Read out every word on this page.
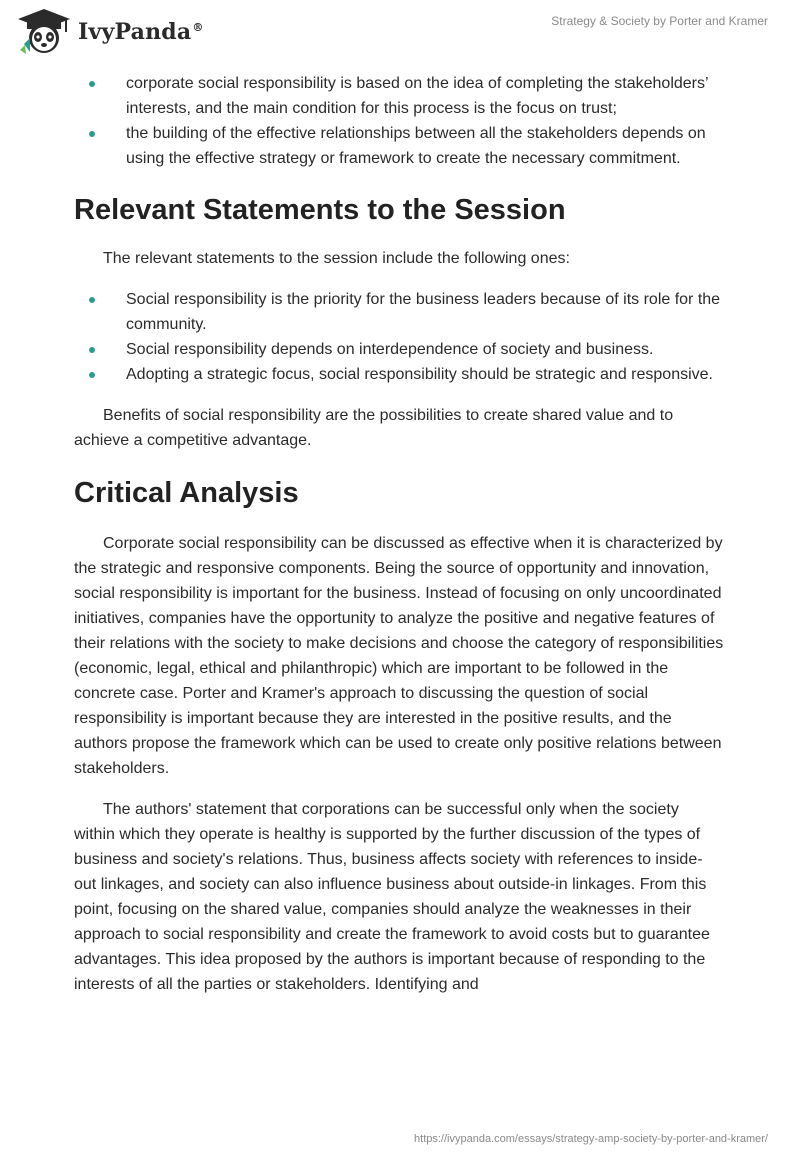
IvyPanda®	Strategy & Society by Porter and Kramer
corporate social responsibility is based on the idea of completing the stakeholders’ interests, and the main condition for this process is the focus on trust;
the building of the effective relationships between all the stakeholders depends on using the effective strategy or framework to create the necessary commitment.
Relevant Statements to the Session

The relevant statements to the session include the following ones:

Social responsibility is the priority for the business leaders because of its role for the community.
Social responsibility depends on interdependence of society and business.
Adopting a strategic focus, social responsibility should be strategic and responsive.

Benefits of social responsibility are the possibilities to create shared value and to achieve a competitive advantage.

Critical Analysis

Corporate social responsibility can be discussed as effective when it is characterized by the strategic and responsive components. Being the source of opportunity and innovation, social responsibility is important for the business. Instead of focusing on only uncoordinated initiatives, companies have the opportunity to analyze the positive and negative features of their relations with the society to make decisions and choose the category of responsibilities (economic, legal, ethical and philanthropic) which are important to be followed in the concrete case. Porter and Kramer's approach to discussing the question of social responsibility is important because they are interested in the positive results, and the authors propose the framework which can be used to create only positive relations between stakeholders.

The authors' statement that corporations can be successful only when the society within which they operate is healthy is supported by the further discussion of the types of business and society's relations. Thus, business affects society with references to inside-out linkages, and society can also influence business about outside-in linkages. From this point, focusing on the shared value, companies should analyze the weaknesses in their approach to social responsibility and create the framework to avoid costs but to guarantee advantages. This idea proposed by the authors is important because of responding to the interests of all the parties or stakeholders. Identifying and

https://ivypanda.com/essays/strategy-amp-society-by-porter-and-kramer/
